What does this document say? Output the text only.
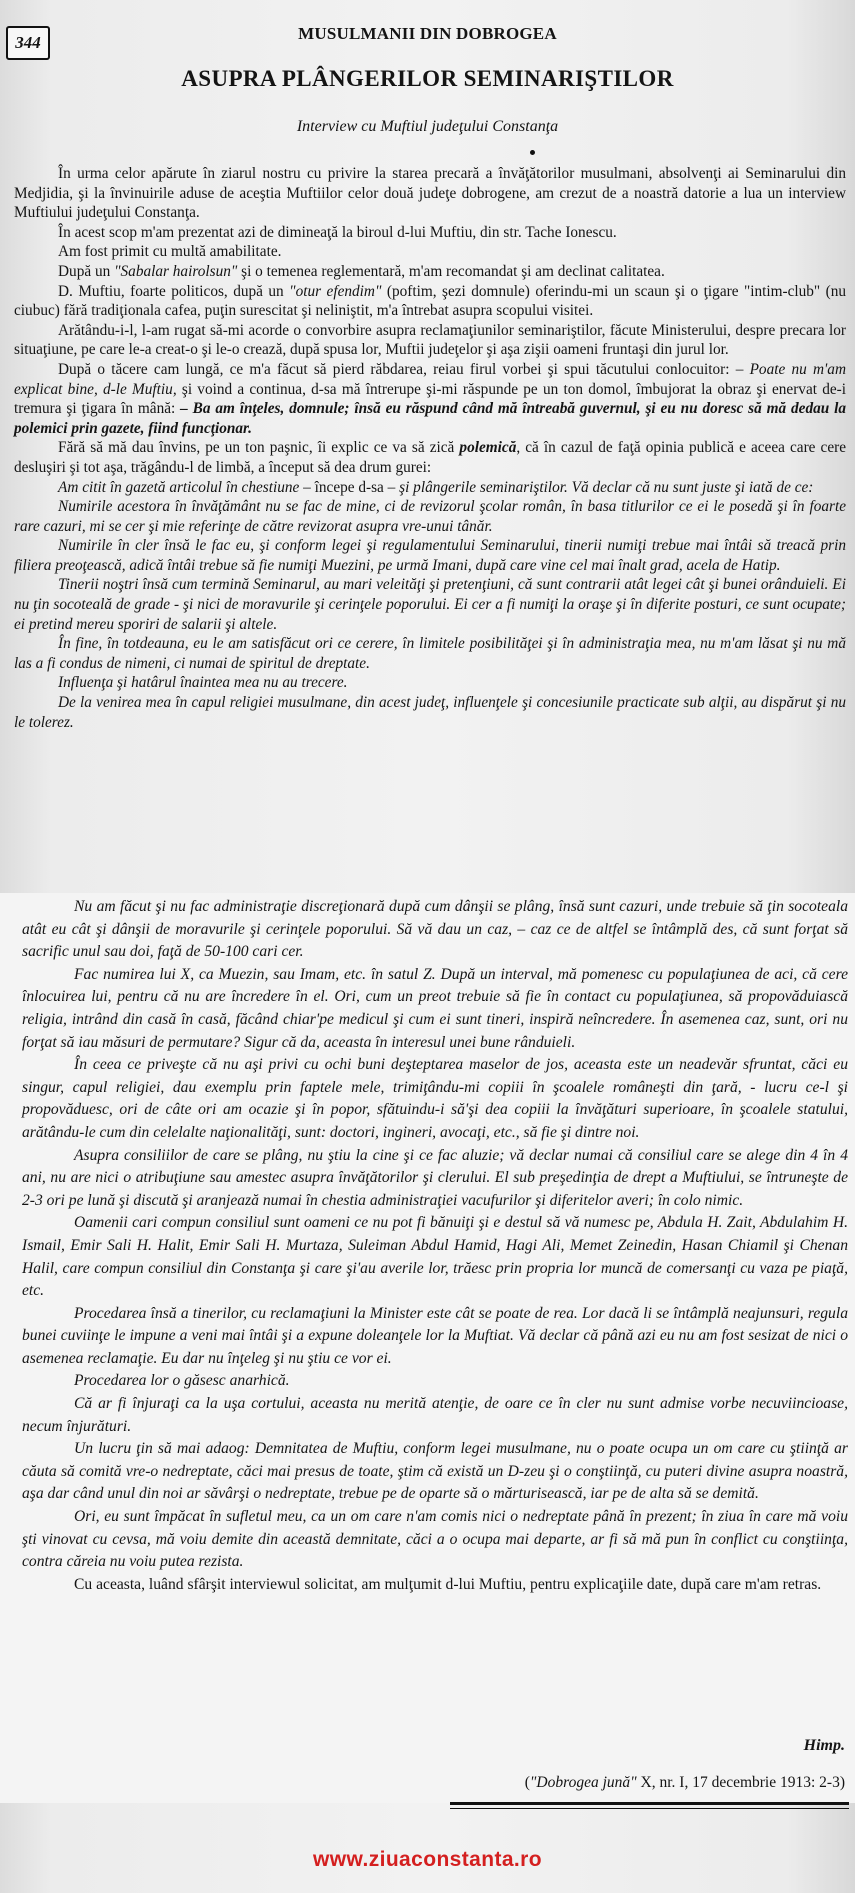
344	MUSULMANII DIN DOBROGEA
ASUPRA PLÂNGERILOR SEMINARIŞTILOR
Interview cu Muftiul judeţului Constanţa

În urma celor apărute în ziarul nostru cu privire la starea precară a învăţătorilor musulmani, absolvenţi ai Seminarului din Medjidia, şi la învinuirile aduse de aceştia Muftiilor celor două judeţe dobrogene, am crezut de a noastră datorie a lua un interview Muftiului judeţului Constanţa.

În acest scop m'am prezentat azi de dimineaţă la biroul d-lui Muftiu, din str. Tache Ionescu.

Am fost primit cu multă amabilitate.

După un "Sabalar hairolsun" şi o temenea reglementară, m'am recomandat şi am declinat calitatea.

D. Muftiu, foarte politicos, după un "otur efendim" (poftim, şezi domnule) oferindu-mi un scaun şi o ţigare "intim-club" (nu ciubuc) fără tradiţionala cafea, puţin surescitat şi neliniştit, m'a întrebat asupra scopului visitei.

Arătându-i-l, l-am rugat să-mi acorde o convorbire asupra reclamaţiunilor seminariştilor, făcute Ministerului, despre precara lor situaţiune, pe care le-a creat-o şi le-o crează, după spusa lor, Muftii judeţelor şi aşa zişii oameni fruntaşi din jurul lor.

După o tăcere cam lungă, ce m'a făcut să pierd răbdarea, reiau firul vorbei şi spui tăcutului conlocuitor: – Poate nu m'am explicat bine, d-le Muftiu, şi voind a continua, d-sa mă întrerupe şi-mi răspunde pe un ton domol, îmbujorat la obraz şi enervat de-i tremura şi ţigara în mână: – Ba am înţeles, domnule; însă eu răspund când mă întreabă guvernul, şi eu nu doresc să mă dedau la polemici prin gazete, fiind funcţionar.

Fără să mă dau învins, pe un ton paşnic, îi explic ce va să zică polemică, că în cazul de faţă opinia publică e aceea care cere desluşiri şi tot aşa, trăgându-l de limbă, a început să dea drum gurei:

Am citit în gazetă articolul în chestiune – începe d-sa – şi plângerile seminariştilor. Vă declar că nu sunt juste şi iată de ce:

Numirile acestora în învăţământ nu se fac de mine, ci de revizorul şcolar român, în basa titlurilor ce ei le posedă şi în foarte rare cazuri, mi se cer şi mie referinţe de către revizorat asupra vre-unui tânăr.

Numirile în cler însă le fac eu, şi conform legei şi regulamentului Seminarului, tinerii numiţi trebue mai întâi să treacă prin filiera preoţească, adică întâi trebue să fie numiţi Muezini, pe urmă Imani, după care vine cel mai înalt grad, acela de Hatip.

Tinerii noştri însă cum termină Seminarul, au mari veleităţi şi pretenţiuni, că sunt contrarii atât legei cât şi bunei orânduieli. Ei nu ţin socoteală de grade - şi nici de moravurile şi cerinţele poporului. Ei cer a fi numiţi la oraşe şi în diferite posturi, ce sunt ocupate; ei pretind mereu sporiri de salarii şi altele.

În fine, în totdeauna, eu le am satisfăcut ori ce cerere, în limitele posibilităţei şi în administraţia mea, nu m'am lăsat şi nu mă las a fi condus de nimeni, ci numai de spiritul de dreptate.

Influenţa şi hatârul înaintea mea nu au trecere.

De la venirea mea în capul religiei musulmane, din acest judeţ, influenţele şi concesiunile practicate sub alţii, au dispărut şi nu le tolerez.

Nu am făcut şi nu fac administraţie discreţionară după cum dânşii se plâng, însă sunt cazuri, unde trebuie să ţin socoteala atât eu cât şi dânşii de moravurile şi cerinţele poporului. Să vă dau un caz, – caz ce de altfel se întâmplă des, că sunt forţat să sacrific unul sau doi, faţă de 50-100 cari cer.

Fac numirea lui X, ca Muezin, sau Imam, etc. în satul Z. După un interval, mă pomenesc cu populaţiunea de aci, că cere înlocuirea lui, pentru că nu are încredere în el. Ori, cum un preot trebuie să fie în contact cu populaţiunea, să propovăduiască religia, intrând din casă în casă, făcând chiar'pe medicul şi cum ei sunt tineri, inspiră neîncredere. În asemenea caz, sunt, ori nu forţat să iau măsuri de permutare? Sigur că da, aceasta în interesul unei bune rânduieli.

În ceea ce priveşte că nu aşi privi cu ochi buni deşteptarea maselor de jos, aceasta este un neadevăr sfruntat, căci eu singur, capul religiei, dau exemplu prin faptele mele, trimiţându-mi copiii în şcoalele româneşti din ţară, - lucru ce-l şi propovăduesc, ori de câte ori am ocazie şi în popor, sfătuindu-i să'şi dea copiii la învăţături superioare, în şcoalele statului, arătându-le cum din celelalte naţionalităţi, sunt: doctori, ingineri, avocaţi, etc., să fie şi dintre noi.

Asupra consiliilor de care se plâng, nu ştiu la cine şi ce fac aluzie; vă declar numai că consiliul care se alege din 4 în 4 ani, nu are nici o atribuţiune sau amestec asupra învăţătorilor şi clerului. El sub preşedinţia de drept a Muftiului, se întruneşte de 2-3 ori pe lună şi discută şi aranjează numai în chestia administraţiei vacufurilor şi diferitelor averi; în colo nimic.

Oamenii cari compun consiliul sunt oameni ce nu pot fi bănuiţi şi e destul să vă numesc pe, Abdula H. Zait, Abdulahim H. Ismail, Emir Sali H. Halit, Emir Sali H. Murtaza, Suleiman Abdul Hamid, Hagi Ali, Memet Zeinedin, Hasan Chiamil şi Chenan Halil, care compun consiliul din Constanţa şi care şi'au averile lor, trăesc prin propria lor muncă de comersanţi cu vaza pe piaţă, etc.

Procedarea însă a tinerilor, cu reclamaţiuni la Minister este cât se poate de rea. Lor dacă li se întâmplă neajunsuri, regula bunei cuviinţe le impune a veni mai întâi şi a expune doleanţele lor la Muftiat. Vă declar că până azi eu nu am fost sesizat de nici o asemenea reclamaţie. Eu dar nu înţeleg şi nu ştiu ce vor ei.

Procedarea lor o găsesc anarhică.

Că ar fi înjuraţi ca la uşa cortului, aceasta nu merită atenţie, de oare ce în cler nu sunt admise vorbe necuviincioase, necum înjurături.

Un lucru ţin să mai adaog: Demnitatea de Muftiu, conform legei musulmane, nu o poate ocupa un om care cu ştiinţă ar căuta să comită vre-o nedreptate, căci mai presus de toate, ştim că există un D-zeu şi o conştiinţă, cu puteri divine asupra noastră, aşa dar când unul din noi ar săvârşi o nedreptate, trebue pe de oparte să o mărturisească, iar pe de alta să se demită.

Ori, eu sunt împăcat în sufletul meu, ca un om care n'am comis nici o nedreptate până în prezent; în ziua în care mă voiu şti vinovat cu cevsa, mă voiu demite din această demnitate, căci a o ocupa mai departe, ar fi să mă pun în conflict cu conştiinţa, contra căreia nu voiu putea rezista.

Cu aceasta, luând sfârşit interviewul solicitat, am mulţumit d-lui Muftiu, pentru explicaţiile date, după care m'am retras.

Himp.
("Dobrogea jună" X, nr. I, 17 decembrie 1913: 2-3)
www.ziuaconstanta.ro
